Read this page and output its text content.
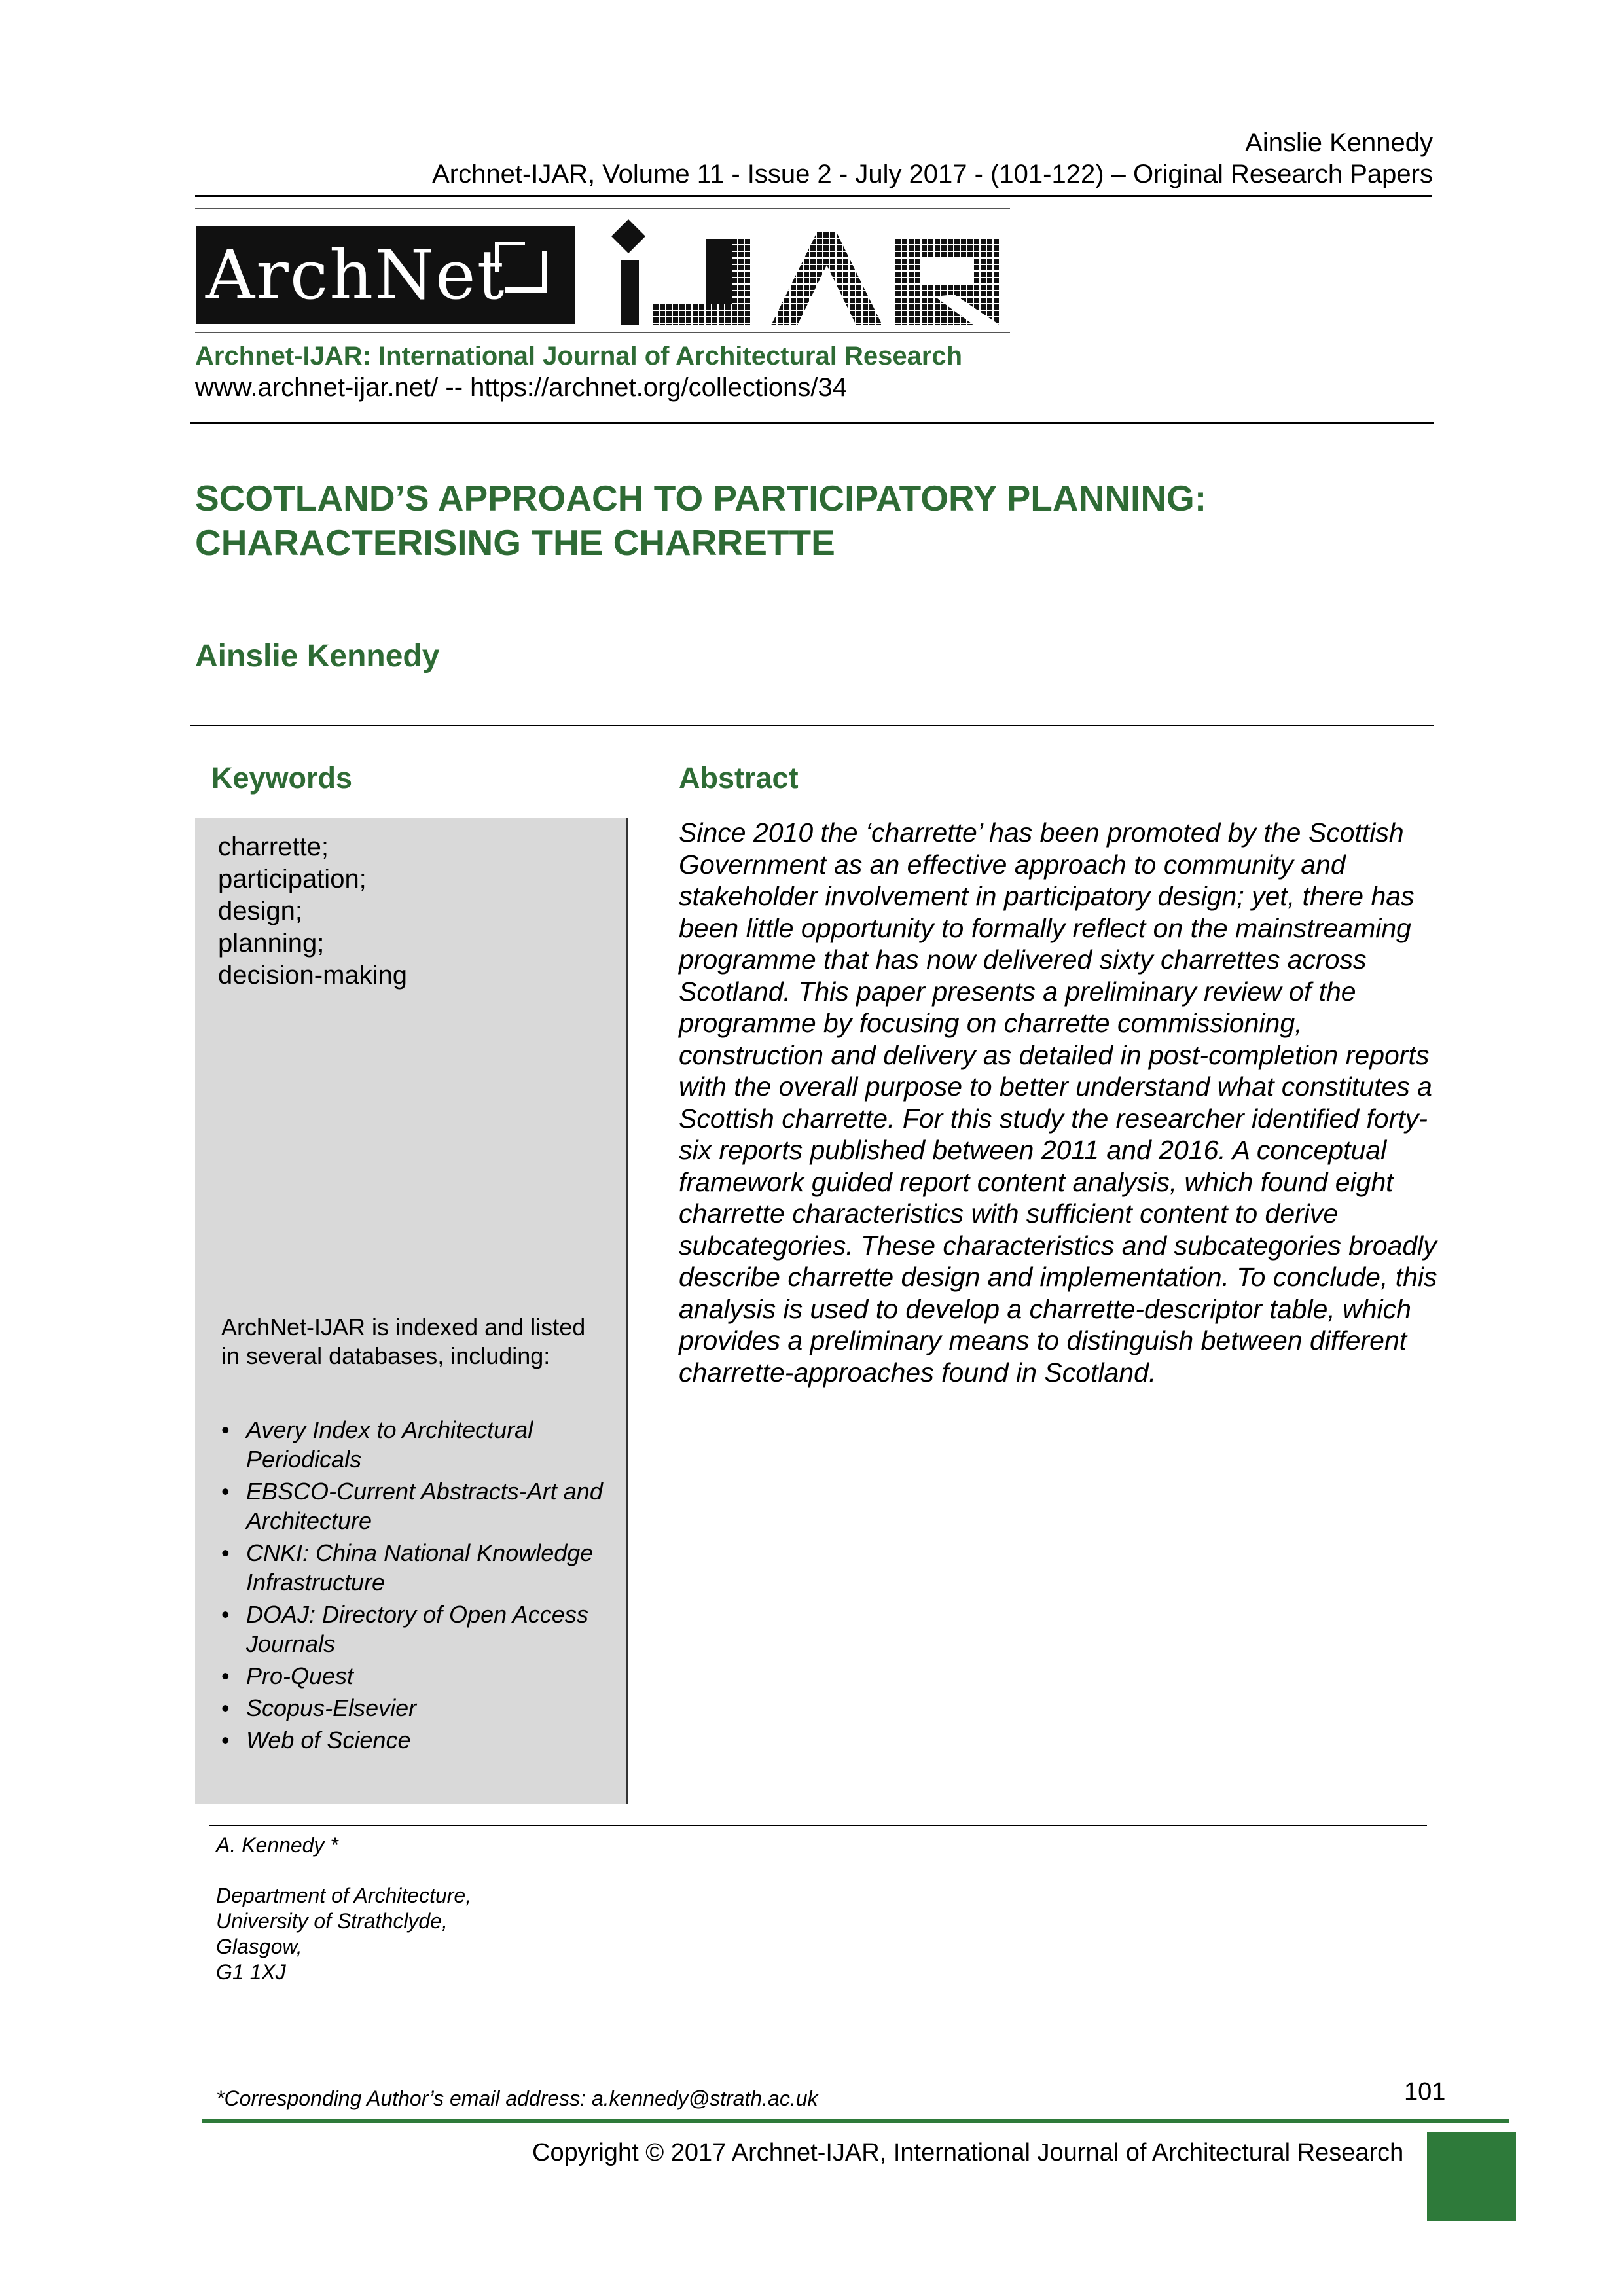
Ainslie Kennedy
Archnet-IJAR, Volume 11 - Issue 2 - July 2017 - (101-122) – Original Research Papers
ArchNet
IJAR
Archnet-IJAR: International Journal of Architectural Research
www.archnet-ijar.net/ -- https://archnet.org/collections/34
SCOTLAND’S APPROACH TO PARTICIPATORY PLANNING:
CHARACTERISING THE CHARRETTE
Ainslie Kennedy
Keywords	Abstract
charrette;
participation;
design;
planning;
decision-making
ArchNet-IJAR is indexed and listed in several databases, including:
• Avery Index to Architectural Periodicals
• EBSCO-Current Abstracts-Art and Architecture
• CNKI: China National Knowledge Infrastructure
• DOAJ: Directory of Open Access Journals
• Pro-Quest
• Scopus-Elsevier
• Web of Science
Since 2010 the ‘charrette’ has been promoted by the Scottish Government as an effective approach to community and stakeholder involvement in participatory design; yet, there has been little opportunity to formally reflect on the mainstreaming programme that has now delivered sixty charrettes across Scotland. This paper presents a preliminary review of the programme by focusing on charrette commissioning, construction and delivery as detailed in post-completion reports with the overall purpose to better understand what constitutes a Scottish charrette. For this study the researcher identified forty-six reports published between 2011 and 2016. A conceptual framework guided report content analysis, which found eight charrette characteristics with sufficient content to derive subcategories. These characteristics and subcategories broadly describe charrette design and implementation. To conclude, this analysis is used to develop a charrette-descriptor table, which provides a preliminary means to distinguish between different charrette-approaches found in Scotland.
A. Kennedy *
Department of Architecture,
University of Strathclyde,
Glasgow,
G1 1XJ
*Corresponding Author’s email address: a.kennedy@strath.ac.uk	101
Copyright © 2017 Archnet-IJAR, International Journal of Architectural Research
